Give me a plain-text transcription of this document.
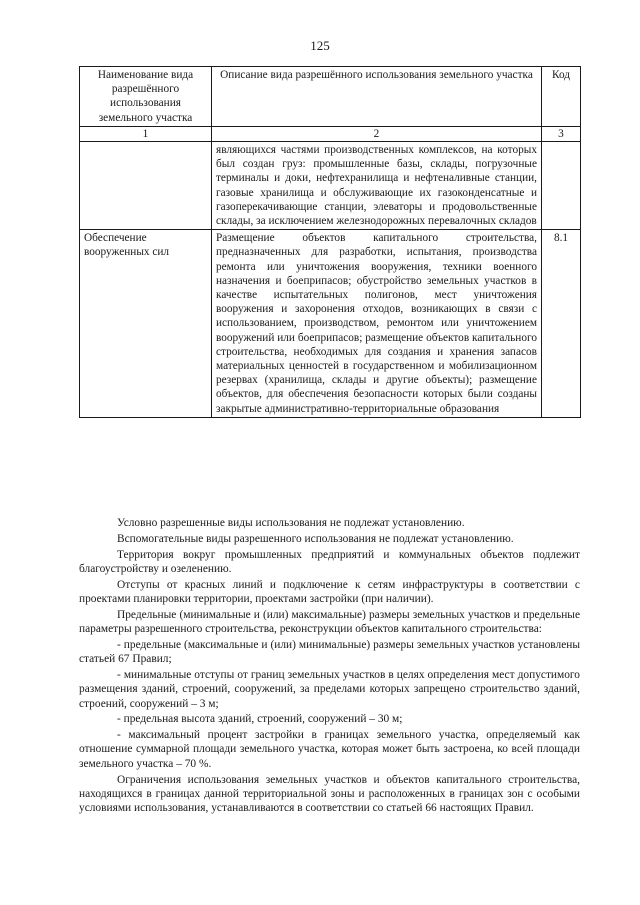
125
Наименование вида разрешённого использования земельного участка	Описание вида разрешённого использования земельного участка	Код
1	2	3
	являющихся частями производственных комплексов, на которых был создан груз: промышленные базы, склады, погрузочные терминалы и доки, нефтехранилища и нефтеналивные станции, газовые хранилища и обслуживающие их газоконденсатные и газоперекачивающие станции, элеваторы и продовольственные склады, за исключением железнодорожных перевалочных складов	
Обеспечение вооруженных сил	Размещение объектов капитального строительства, предназначенных для разработки, испытания, производства ремонта или уничтожения вооружения, техники военного назначения и боеприпасов; обустройство земельных участков в качестве испытательных полигонов, мест уничтожения вооружения и захоронения отходов, возникающих в связи с использованием, производством, ремонтом или уничтожением вооружений или боеприпасов; размещение объектов капитального строительства, необходимых для создания и хранения запасов материальных ценностей в государственном и мобилизационном резервах (хранилища, склады и другие объекты); размещение объектов, для обеспечения безопасности которых были созданы закрытые административно-территориальные образования	8.1

Условно разрешенные виды использования не подлежат установлению.

Вспомогательные виды разрешенного использования не подлежат установлению.

Территория вокруг промышленных предприятий и коммунальных объектов подлежит благоустройству и озеленению.

Отступы от красных линий и подключение к сетям инфраструктуры в соответствии с проектами планировки территории, проектами застройки (при наличии).

Предельные (минимальные и (или) максимальные) размеры земельных участков и предельные параметры разрешенного строительства, реконструкции объектов капитального строительства:

- предельные (максимальные и (или) минимальные) размеры земельных участков установлены статьей 67 Правил;

- минимальные отступы от границ земельных участков в целях определения мест допустимого размещения зданий, строений, сооружений, за пределами которых запрещено строительство зданий, строений, сооружений – 3 м;

- предельная высота зданий, строений, сооружений – 30 м;

- максимальный процент застройки в границах земельного участка, определяемый как отношение суммарной площади земельного участка, которая может быть застроена, ко всей площади земельного участка – 70 %.

Ограничения использования земельных участков и объектов капитального строительства, находящихся в границах данной территориальной зоны и расположенных в границах зон с особыми условиями использования, устанавливаются в соответствии со статьей 66 настоящих Правил.
